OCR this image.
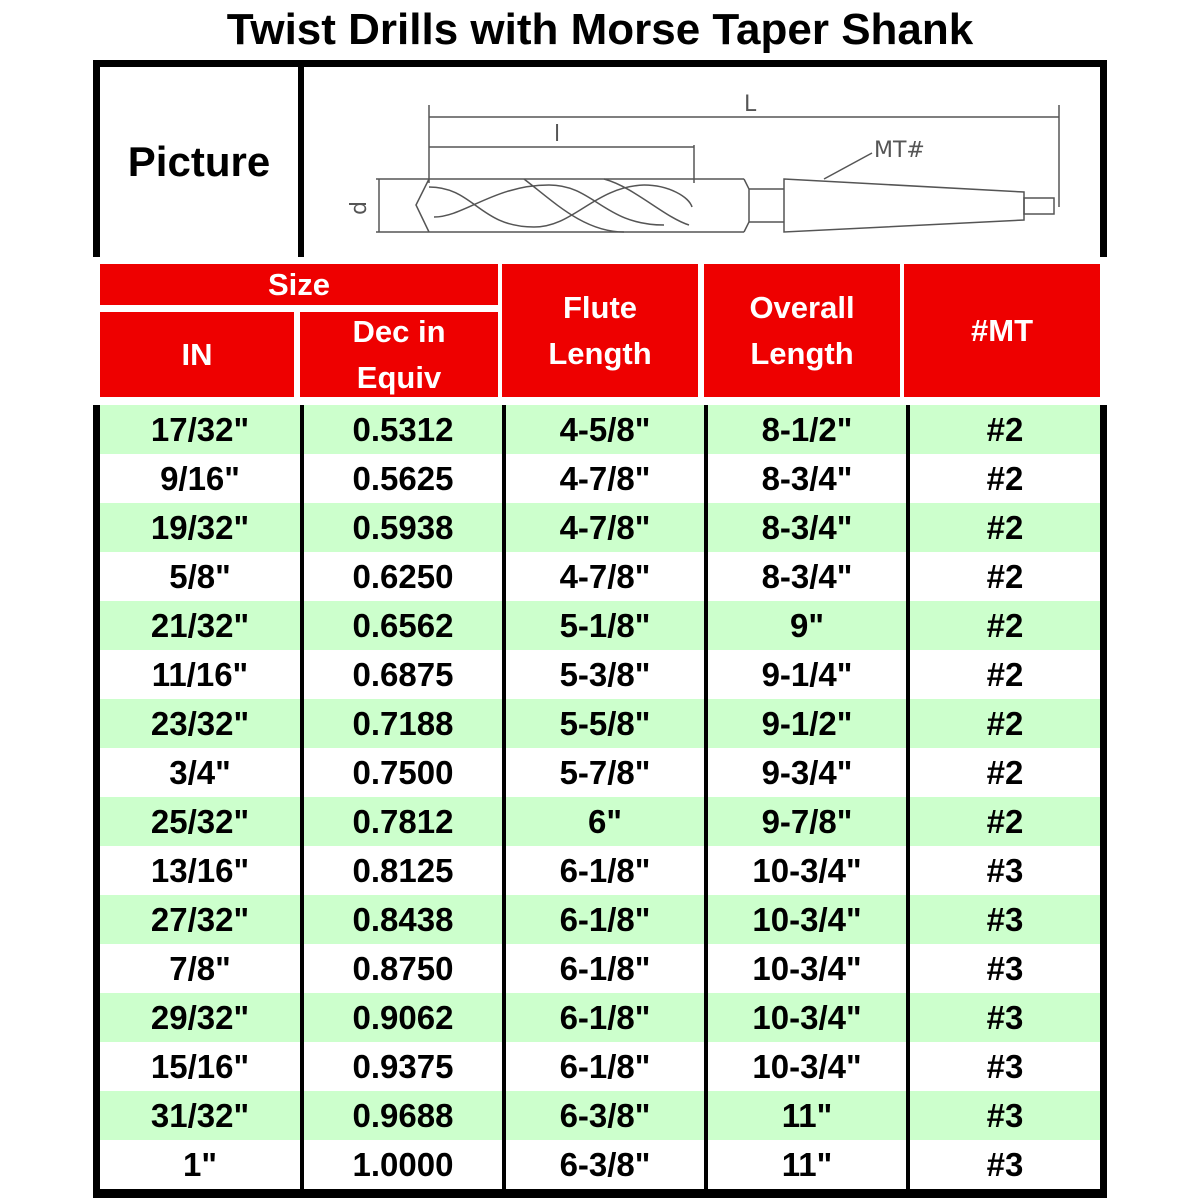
Twist Drills with Morse Taper Shank
Picture
L
l
MT#
d
Size
IN
Dec in
Equiv
Flute
Length
Overall
Length
#MT
17/32"	0.5312	4-5/8"	8-1/2"	#2
9/16"	0.5625	4-7/8"	8-3/4"	#2
19/32"	0.5938	4-7/8"	8-3/4"	#2
5/8"	0.6250	4-7/8"	8-3/4"	#2
21/32"	0.6562	5-1/8"	9"	#2
11/16"	0.6875	5-3/8"	9-1/4"	#2
23/32"	0.7188	5-5/8"	9-1/2"	#2
3/4"	0.7500	5-7/8"	9-3/4"	#2
25/32"	0.7812	6"	9-7/8"	#2
13/16"	0.8125	6-1/8"	10-3/4"	#3
27/32"	0.8438	6-1/8"	10-3/4"	#3
7/8"	0.8750	6-1/8"	10-3/4"	#3
29/32"	0.9062	6-1/8"	10-3/4"	#3
15/16"	0.9375	6-1/8"	10-3/4"	#3
31/32"	0.9688	6-3/8"	11"	#3
1"	1.0000	6-3/8"	11"	#3
